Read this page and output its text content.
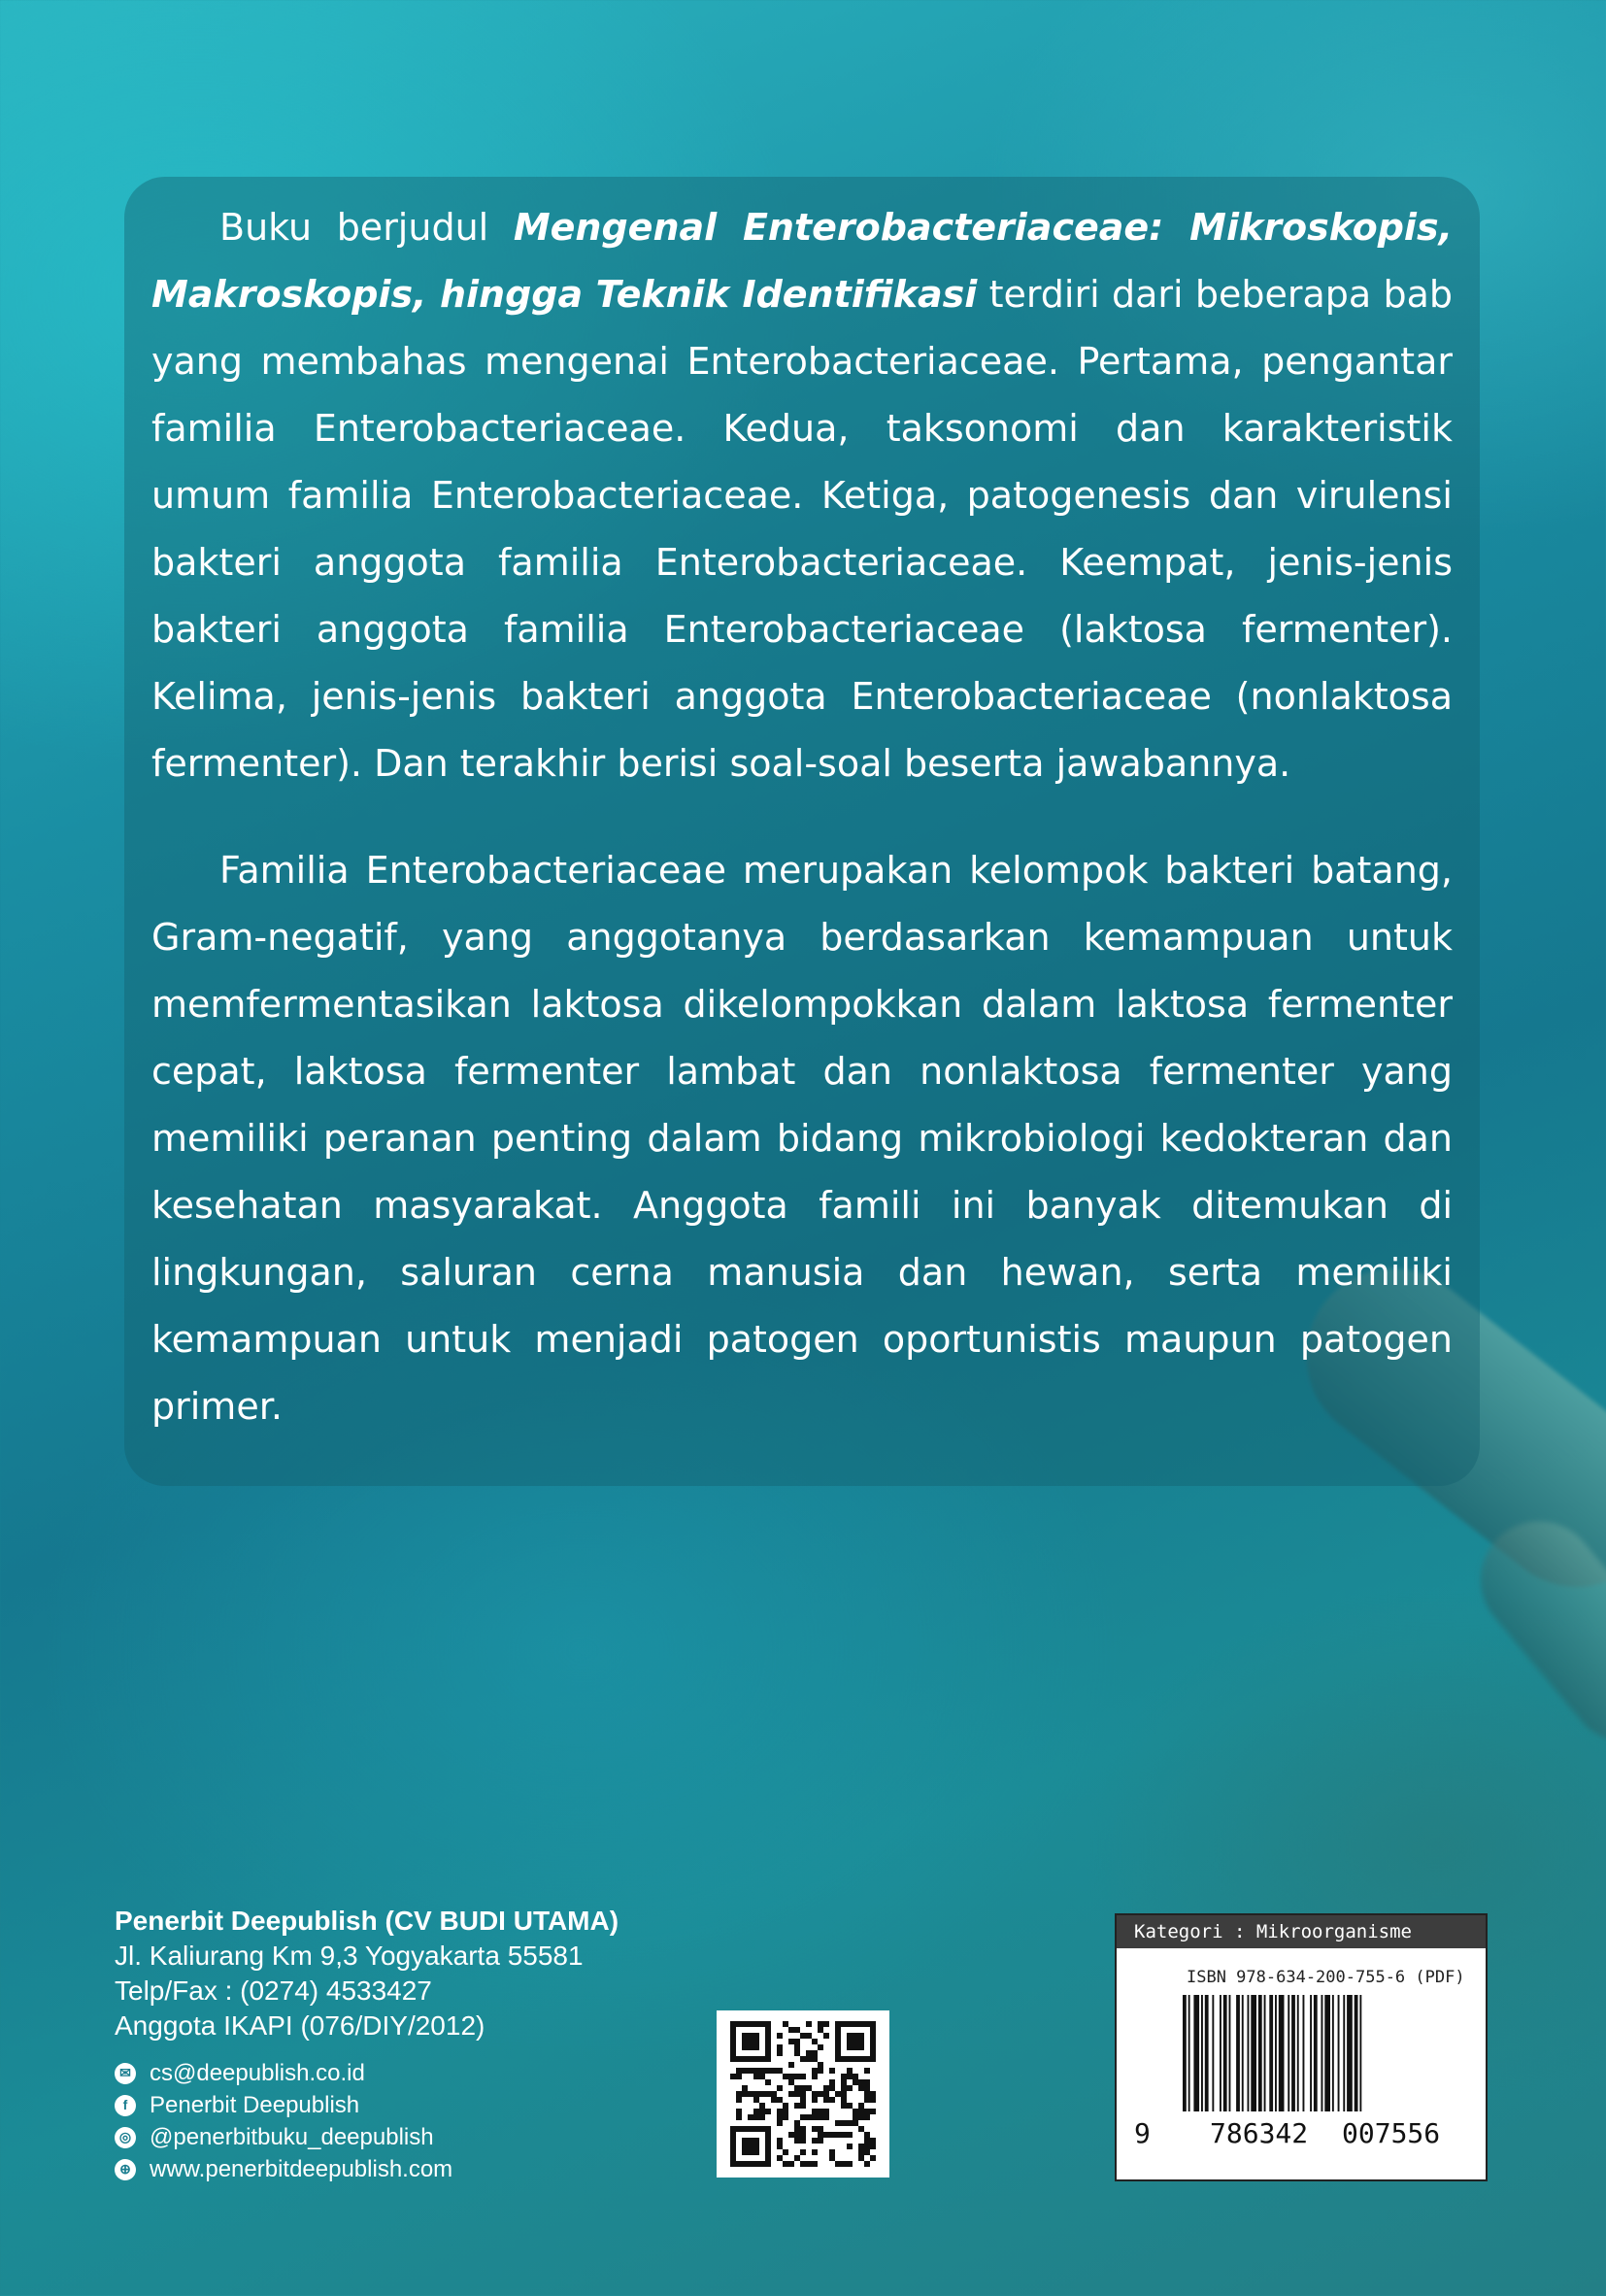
Buku berjudul Mengenal Enterobacteriaceae: Mikroskopis, Makroskopis, hingga Teknik Identifikasi terdiri dari beberapa bab yang membahas mengenai Enterobacteriaceae. Pertama, pengantar familia Enterobacteriaceae. Kedua, taksonomi dan karakteristik umum familia Enterobacteriaceae. Ketiga, patogenesis dan virulensi bakteri anggota familia Enterobacteriaceae. Keempat, jenis-jenis bakteri anggota familia Enterobacteriaceae (laktosa fermenter). Kelima, jenis-jenis bakteri anggota Enterobacteriaceae (nonlaktosa fermenter). Dan terakhir berisi soal-soal beserta jawabannya.

Familia Enterobacteriaceae merupakan kelompok bakteri batang, Gram-negatif, yang anggotanya berdasarkan kemampuan untuk memfermentasikan laktosa dikelompokkan dalam laktosa fermenter cepat, laktosa fermenter lambat dan nonlaktosa fermenter yang memiliki peranan penting dalam bidang mikrobiologi kedokteran dan kesehatan masyarakat. Anggota famili ini banyak ditemukan di lingkungan, saluran cerna manusia dan hewan, serta memiliki kemampuan untuk menjadi patogen oportunistis maupun patogen primer.

Penerbit Deepublish (CV BUDI UTAMA)
Jl. Kaliurang Km 9,3 Yogyakarta 55581
Telp/Fax : (0274) 4533427
Anggota IKAPI (076/DIY/2012)
✉ cs@deepublish.co.id
f Penerbit Deepublish
◎ @penerbitbuku_deepublish
⊕ www.penerbitdeepublish.com
Kategori : Mikroorganisme
ISBN 978-634-200-755-6 (PDF)
9 786342 007556
